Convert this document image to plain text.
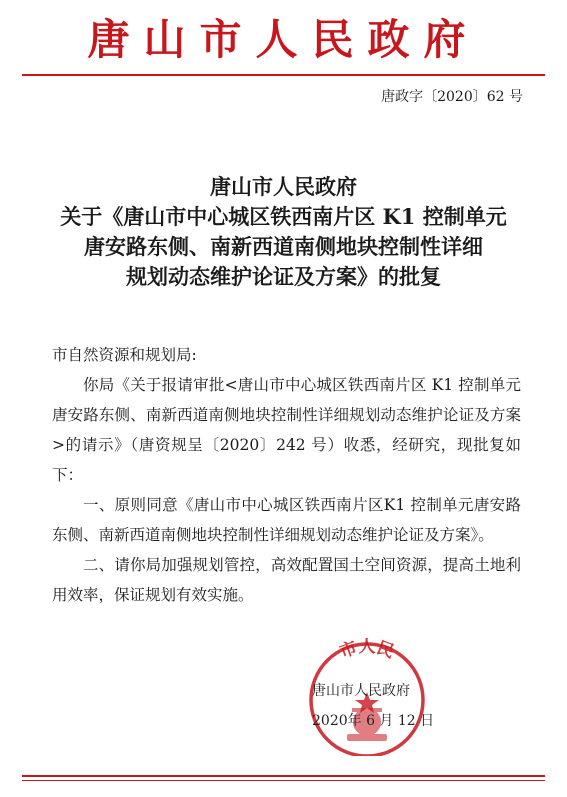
唐山市人民政府
唐政字〔2020〕62 号
唐山市人民政府
关于《唐山市中心城区铁西南片区 K1 控制单元
唐安路东侧、南新西道南侧地块控制性详细
规划动态维护论证及方案》的批复

市自然资源和规划局:

你局《关于报请审批<唐山市中心城区铁西南片区 K1 控制单元唐安路东侧、南新西道南侧地块控制性详细规划动态维护论证及方案>的请示》（唐资规呈〔2020〕242 号）收悉，经研究，现批复如下：

一、原则同意《唐山市中心城区铁西南片区K1 控制单元唐安路东侧、南新西道南侧地块控制性详细规划动态维护论证及方案》。

二、请你局加强规划管控，高效配置国土空间资源，提高土地利用效率，保证规划有效实施。

市人民
唐山市人民政府
2020年 6 月 12 日
